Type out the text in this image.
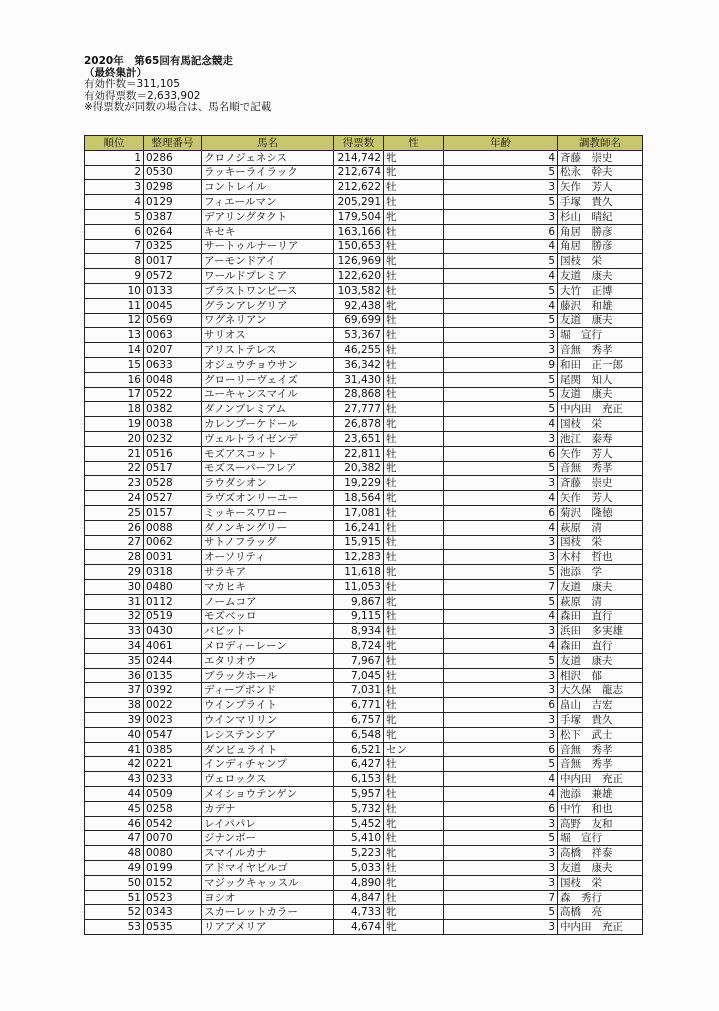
2020年　第65回有馬記念競走
（最終集計）
有効件数＝311,105
有効得票数＝2,633,902
※得票数が同数の場合は、馬名順で記載
順位	整理番号	馬名	得票数	性	年齢	調教師名
1	0286	クロノジェネシス	214,742	牝	4	斉藤　崇史
2	0530	ラッキーライラック	212,674	牝	5	松永　幹夫
3	0298	コントレイル	212,622	牡	3	矢作　芳人
4	0129	フィエールマン	205,291	牡	5	手塚　貴久
5	0387	デアリングタクト	179,504	牝	3	杉山　晴紀
6	0264	キセキ	163,166	牡	6	角居　勝彦
7	0325	サートゥルナーリア	150,653	牡	4	角居　勝彦
8	0017	アーモンドアイ	126,969	牝	5	国枝　栄
9	0572	ワールドプレミア	122,620	牡	4	友道　康夫
10	0133	ブラストワンピース	103,582	牡	5	大竹　正博
11	0045	グランアレグリア	92,438	牝	4	藤沢　和雄
12	0569	ワグネリアン	69,699	牡	5	友道　康夫
13	0063	サリオス	53,367	牡	3	堀　宣行
14	0207	アリストテレス	46,255	牡	3	音無　秀孝
15	0633	オジュウチョウサン	36,342	牡	9	和田　正一郎
16	0048	グローリーヴェイズ	31,430	牡	5	尾関　知人
17	0522	ユーキャンスマイル	28,868	牡	5	友道　康夫
18	0382	ダノンプレミアム	27,777	牡	5	中内田　充正
19	0038	カレンブーケドール	26,878	牝	4	国枝　栄
20	0232	ヴェルトライゼンデ	23,651	牡	3	池江　泰寿
21	0516	モズアスコット	22,811	牡	6	矢作　芳人
22	0517	モズスーパーフレア	20,382	牝	5	音無　秀孝
23	0528	ラウダシオン	19,229	牡	3	斉藤　崇史
24	0527	ラヴズオンリーユー	18,564	牝	4	矢作　芳人
25	0157	ミッキースワロー	17,081	牡	6	菊沢　隆徳
26	0088	ダノンキングリー	16,241	牡	4	萩原　清
27	0062	サトノフラッグ	15,915	牡	3	国枝　栄
28	0031	オーソリティ	12,283	牡	3	木村　哲也
29	0318	サラキア	11,618	牝	5	池添　学
30	0480	マカヒキ	11,053	牡	7	友道　康夫
31	0112	ノームコア	9,867	牝	5	萩原　清
32	0519	モズベッロ	9,115	牡	4	森田　直行
33	0430	バビット	8,934	牡	3	浜田　多実雄
34	4061	メロディーレーン	8,724	牝	4	森田　直行
35	0244	エタリオウ	7,967	牡	5	友道　康夫
36	0135	ブラックホール	7,045	牡	3	相沢　郁
37	0392	ディープボンド	7,031	牡	3	大久保　龍志
38	0022	ウインブライト	6,771	牡	6	畠山　吉宏
39	0023	ウインマリリン	6,757	牝	3	手塚　貴久
40	0547	レシステンシア	6,548	牝	3	松下　武士
41	0385	ダンビュライト	6,521	セン	6	音無　秀孝
42	0221	インディチャンプ	6,427	牡	5	音無　秀孝
43	0233	ヴェロックス	6,153	牡	4	中内田　充正
44	0509	メイショウテンゲン	5,957	牡	4	池添　兼雄
45	0258	カデナ	5,732	牡	6	中竹　和也
46	0542	レイパパレ	5,452	牝	3	高野　友和
47	0070	ジナンボー	5,410	牡	5	堀　宣行
48	0080	スマイルカナ	5,223	牝	3	高橋　祥泰
49	0199	アドマイヤビルゴ	5,033	牡	3	友道　康夫
50	0152	マジックキャッスル	4,890	牝	3	国枝　栄
51	0523	ヨシオ	4,847	牡	7	森　秀行
52	0343	スカーレットカラー	4,733	牝	5	高橋　亮
53	0535	リアアメリア	4,674	牝	3	中内田　充正
